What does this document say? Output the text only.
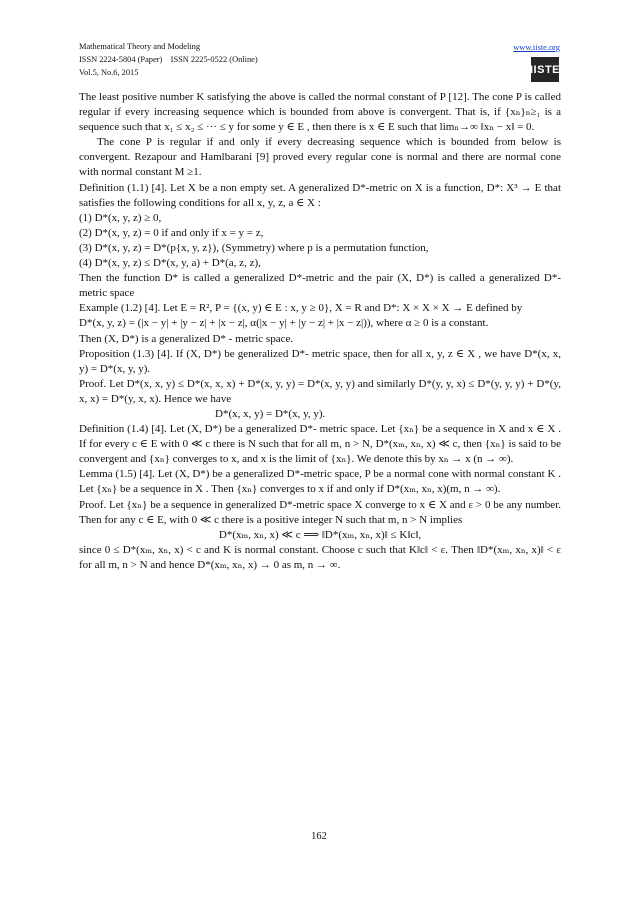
Mathematical Theory and Modeling
ISSN 2224-5804 (Paper)    ISSN 2225-0522 (Online)
Vol.5, No.6, 2015
www.iiste.org
IISTE

The least positive number K satisfying the above is called the normal constant of P [12]. The cone P is called regular if every increasing sequence which is bounded from above is convergent. That is, if {xₙ}ₙ≥₁ is a sequence such that x₁ ≤ x₂ ≤ ··· ≤ y for some y ∈ E , then there is x ∈ E such that limₙ→∞ ‖xₙ − x‖ = 0.

The cone P is regular if and only if every decreasing sequence which is bounded from below is convergent. Rezapour and Hamlbarani [9] proved every regular cone is normal and there are normal cone with normal constant M ≥1.

Definition (1.1) [4]. Let X be a non empty set. A generalized D*-metric on X is a function, D*: X³ → E that satisfies the following conditions for all x, y, z, a ∈ X :

(1) D*(x, y, z) ≥ 0,

(2) D*(x, y, z) = 0 if and only if x = y = z,

(3) D*(x, y, z) = D*(p{x, y, z}), (Symmetry) where p is a permutation function,

(4) D*(x, y, z) ≤ D*(x, y, a) + D*(a, z, z),

Then the function D* is called a generalized D*-metric and the pair (X, D*) is called a generalized D*-metric space

Example (1.2) [4]. Let E = R², P = {(x, y) ∈ E : x, y ≥ 0}, X = R and D*: X × X × X → E defined by

D*(x, y, z) = (|x − y| + |y − z| + |x − z|, α(|x − y| + |y − z| + |x − z|)), where α ≥ 0 is a constant.

Then (X, D*) is a generalized D* - metric space.

Proposition (1.3) [4]. If (X, D*) be generalized D*- metric space, then for all x, y, z ∈ X , we have D*(x, x, y) = D*(x, y, y).

Proof. Let D*(x, x, y) ≤ D*(x, x, x) + D*(x, y, y) = D*(x, y, y) and similarly D*(y, y, x) ≤ D*(y, y, y) + D*(y, x, x) = D*(y, x, x). Hence we have

D*(x, x, y) = D*(x, y, y).

Definition (1.4) [4]. Let (X, D*) be a generalized D*- metric space. Let {xₙ} be a sequence in X and x ∈ X . If for every c ∈ E with 0 ≪ c there is N such that for all m, n > N, D*(xₘ, xₙ, x) ≪ c, then {xₙ} is said to be convergent and {xₙ} converges to x, and x is the limit of {xₙ}. We denote this by xₙ → x (n → ∞).

Lemma (1.5) [4]. Let (X, D*) be a generalized D*-metric space, P be a normal cone with normal constant K . Let {xₙ} be a sequence in X . Then {xₙ} converges to x if and only if D*(xₘ, xₙ, x)(m, n → ∞).

Proof. Let {xₙ} be a sequence in generalized D*-metric space X converge to x ∈ X and ε > 0 be any number. Then for any c ∈ E, with 0 ≪ c there is a positive integer N such that m, n > N implies

D*(xₘ, xₙ, x) ≪ c ⟹ ‖D*(xₘ, xₙ, x)‖ ≤ K‖c‖,

since 0 ≤ D*(xₘ, xₙ, x) < c and K is normal constant. Choose c such that K‖c‖ < ε. Then ‖D*(xₘ, xₙ, x)‖ < ε for all m, n > N and hence D*(xₘ, xₙ, x) → 0 as m, n → ∞.

162
